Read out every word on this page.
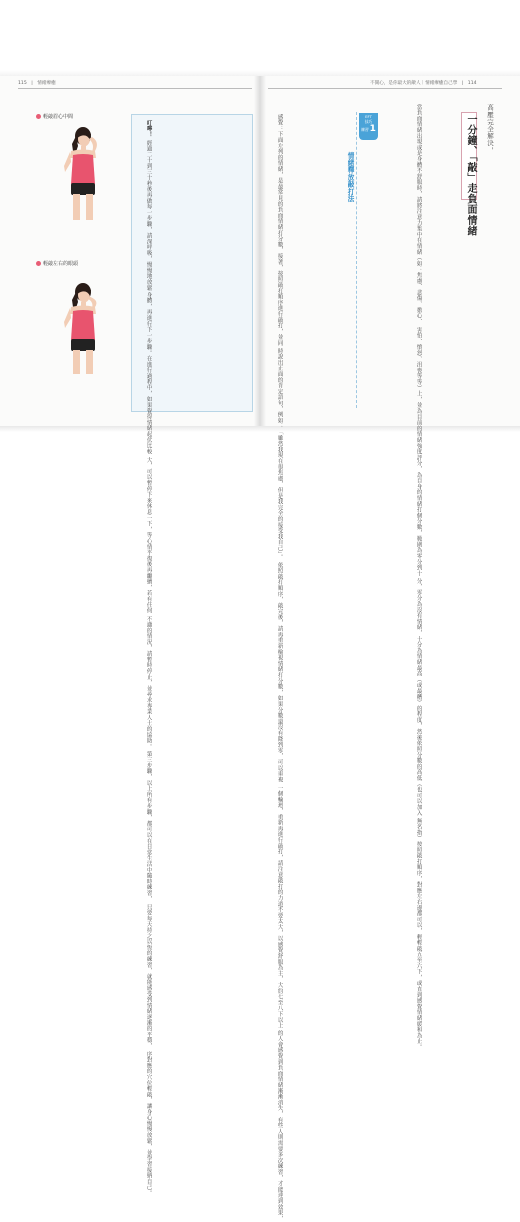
115 | 情緒療癒	不開心，是你最大的敵人｜情緒療癒自己學 | 114
輕敲眉心中間
輕敲左右的眼頭
叮嚀！ 經過二十到三十秒後再做每一步驟，請深呼吸，慢慢地放鬆 身體，再進行下一步驟。在進行過程中，如果覺得情緒起伏比較 大，可以暫停下來休息一下，等心情平復後再繼續，若有任何 不適的情況，請暫時停止，並尋求專業人士的協助。 第三步驟，以上所有步驟，都可以在日常生活中隨時練習， 只要每天持之以恆的練習，就能感受到情緒逐漸的平穩， 序對應的穴位輕敲，讓身心慢慢放鬆，並學習接納自己。
高壓完全解決，
一分鐘、「敲」走負面情緒
當負面情緒出現或是身體不舒服時，請將注意力集中在情緒（如：焦慮、悲傷、擔心、 害怕、憤怒、沮喪等等）上，並為目前的情緒強度評分，為自身的情緒打個分數，範圍為零分到十 分，零分為沒有情緒，十分為情緒最高（或最糟）的程度，然後依照分數的高低（也可以加入 無名指）按照敲打順序，對應左右邊都可以，輕輕敲五至六下，或直到感覺情緒緩和為止。
EFT
技巧
練習 1
情緒釋放敲打法
感覺：下面左列的情緒，是最常見的負面情緒打分數，接著，按照敲打順序進行敲打，並同 時說出正面的肯定語句，例如：「雖然我現在很焦慮，但是我完全的接受我自己」。 依照敲打順序，敲完後，請再重新檢視情緒打分數，如果分數還沒有降到零，可以重複 一個輪迴，重新再進行敲打，請注意敲打的力道不要太大，以感覺舒服為主，大約七至八下以上 的人會感覺到負面情緒漸漸消失，有些人則需要多次練習，才能達到效果，
